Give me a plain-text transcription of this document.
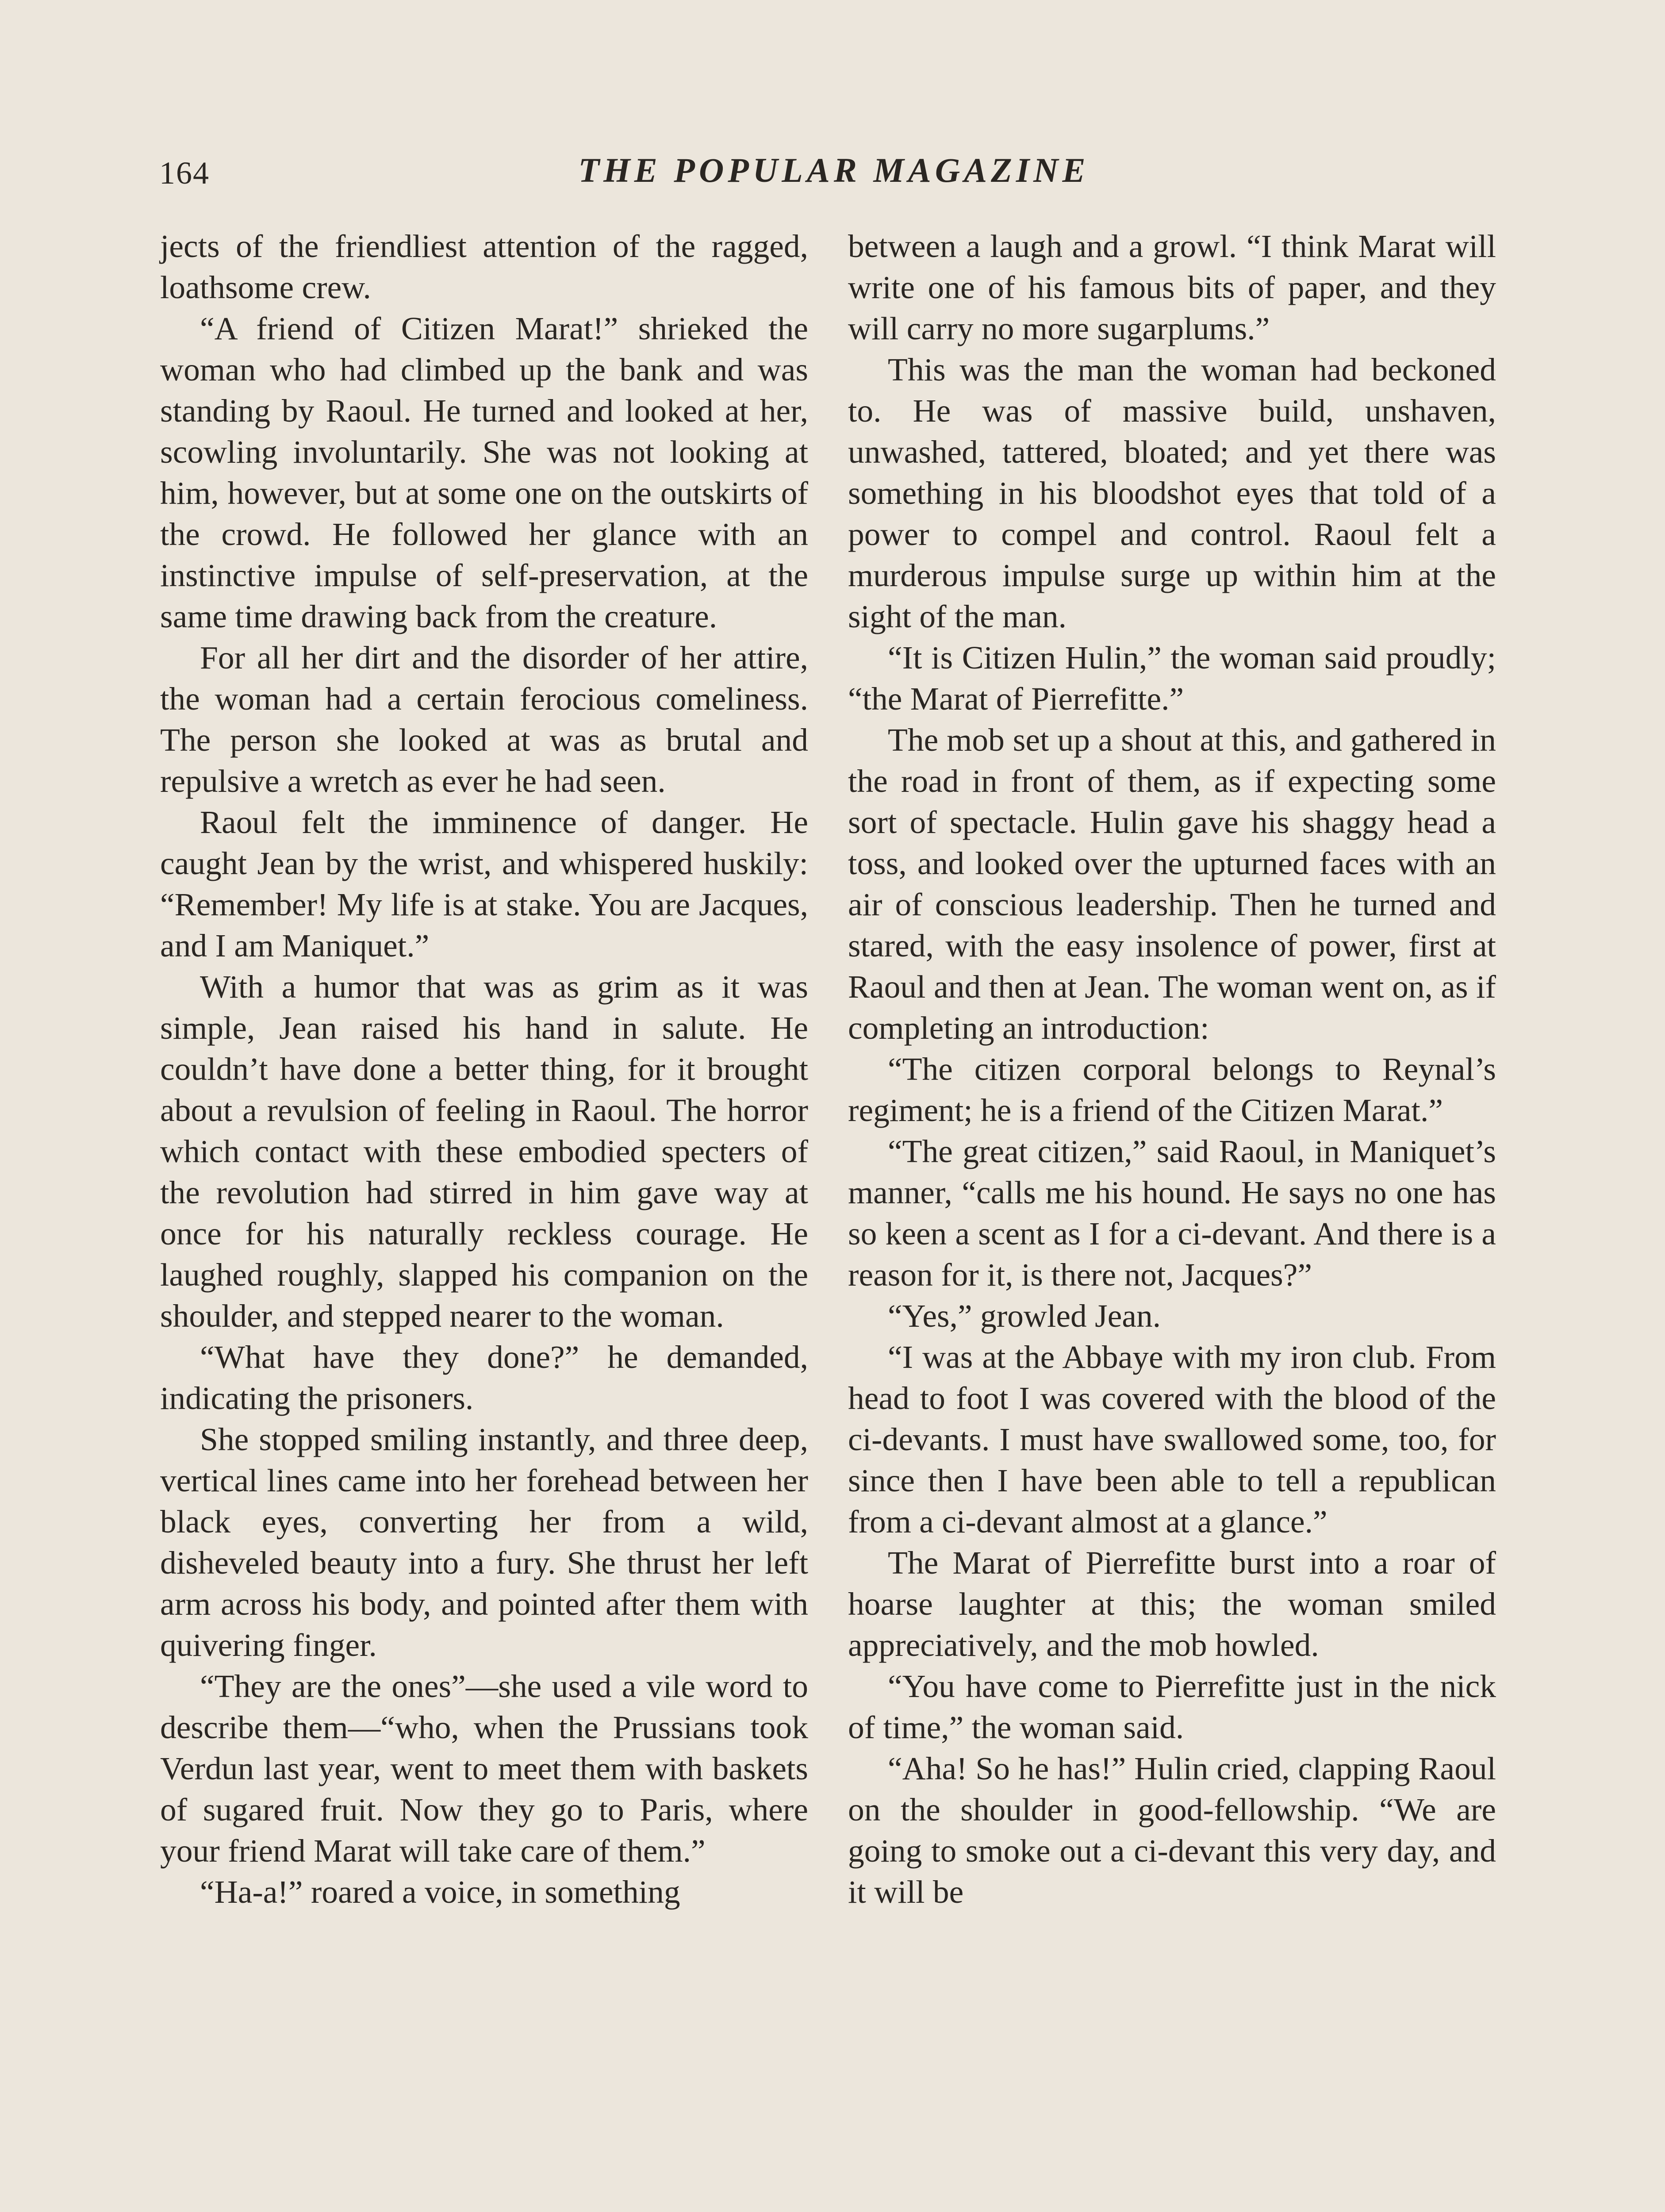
164	THE POPULAR MAGAZINE

jects of the friendliest attention of the ragged, loathsome crew.

“A friend of Citizen Marat!” shrieked the woman who had climbed up the bank and was standing by Raoul. He turned and looked at her, scowling involuntarily. She was not looking at him, however, but at some one on the outskirts of the crowd. He followed her glance with an instinctive impulse of self-preservation, at the same time drawing back from the creature.

For all her dirt and the disorder of her attire, the woman had a certain ferocious comeliness. The person she looked at was as brutal and repulsive a wretch as ever he had seen.

Raoul felt the imminence of danger. He caught Jean by the wrist, and whispered huskily: “Remember! My life is at stake. You are Jacques, and I am Maniquet.”

With a humor that was as grim as it was simple, Jean raised his hand in salute. He couldn’t have done a better thing, for it brought about a revulsion of feeling in Raoul. The horror which contact with these embodied specters of the revolution had stirred in him gave way at once for his naturally reckless courage. He laughed roughly, slapped his companion on the shoulder, and stepped nearer to the woman.

“What have they done?” he demanded, indicating the prisoners.

She stopped smiling instantly, and three deep, vertical lines came into her forehead between her black eyes, converting her from a wild, disheveled beauty into a fury. She thrust her left arm across his body, and pointed after them with quivering finger.

“They are the ones”—she used a vile word to describe them—“who, when the Prussians took Verdun last year, went to meet them with baskets of sugared fruit. Now they go to Paris, where your friend Marat will take care of them.”

“Ha-a!” roared a voice, in something

between a laugh and a growl. “I think Marat will write one of his famous bits of paper, and they will carry no more sugarplums.”

This was the man the woman had beckoned to. He was of massive build, unshaven, unwashed, tattered, bloated; and yet there was something in his bloodshot eyes that told of a power to compel and control. Raoul felt a murderous impulse surge up within him at the sight of the man.

“It is Citizen Hulin,” the woman said proudly; “the Marat of Pierrefitte.”

The mob set up a shout at this, and gathered in the road in front of them, as if expecting some sort of spectacle. Hulin gave his shaggy head a toss, and looked over the upturned faces with an air of conscious leadership. Then he turned and stared, with the easy insolence of power, first at Raoul and then at Jean. The woman went on, as if completing an introduction:

“The citizen corporal belongs to Reynal’s regiment; he is a friend of the Citizen Marat.”

“The great citizen,” said Raoul, in Maniquet’s manner, “calls me his hound. He says no one has so keen a scent as I for a ci-devant. And there is a reason for it, is there not, Jacques?”

“Yes,” growled Jean.

“I was at the Abbaye with my iron club. From head to foot I was covered with the blood of the ci-devants. I must have swallowed some, too, for since then I have been able to tell a republican from a ci-devant almost at a glance.”

The Marat of Pierrefitte burst into a roar of hoarse laughter at this; the woman smiled appreciatively, and the mob howled.

“You have come to Pierrefitte just in the nick of time,” the woman said.

“Aha! So he has!” Hulin cried, clapping Raoul on the shoulder in good-fellowship. “We are going to smoke out a ci-devant this very day, and it will be
